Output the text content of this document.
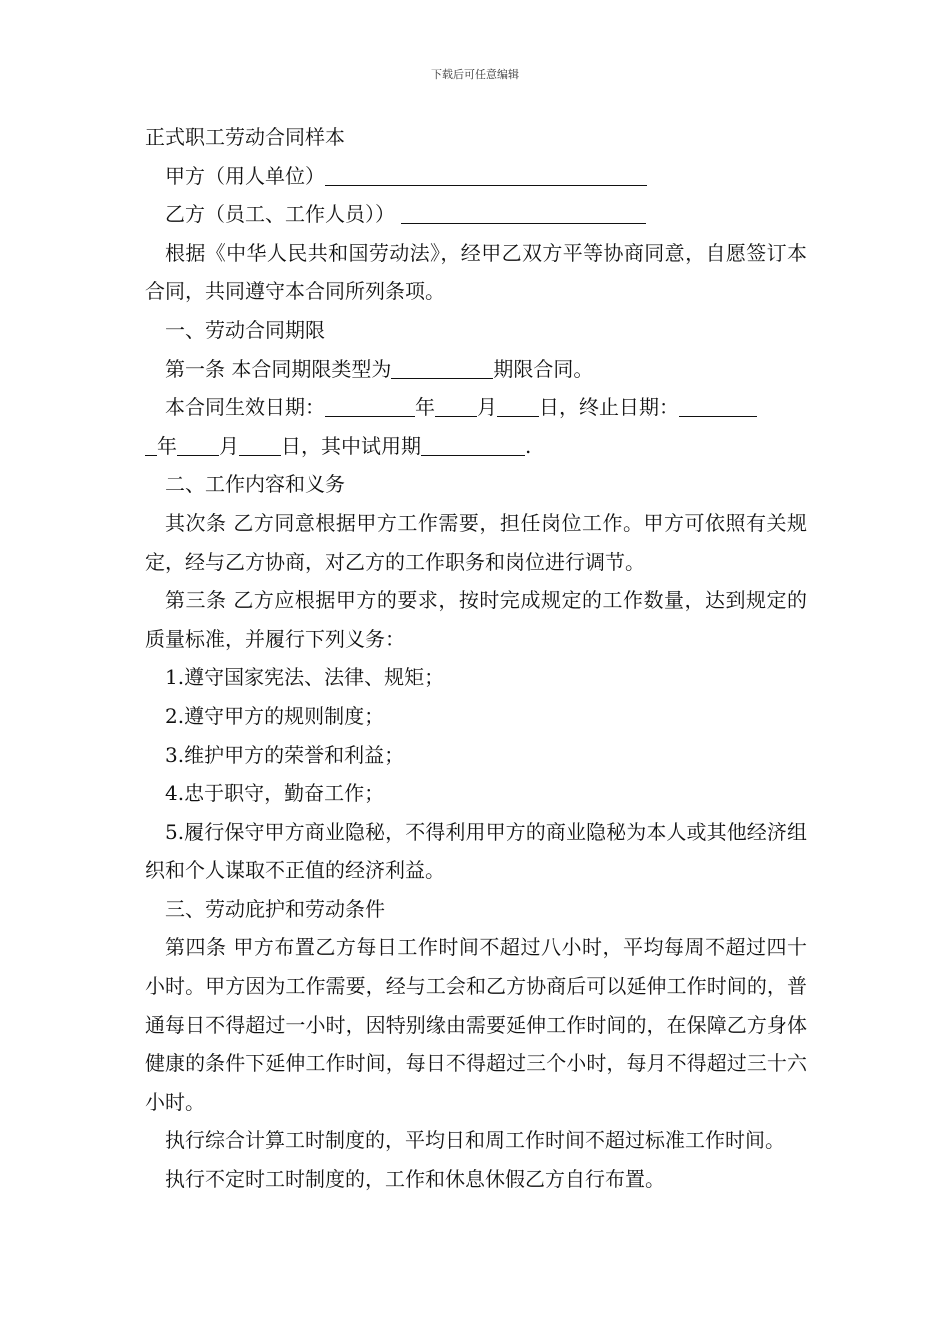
下载后可任意编辑

正式职工劳动合同样本

甲方（用人单位）

乙方（员工、工作人员））

根据《中华人民共和国劳动法》，经甲乙双方平等协商同意，自愿签订本合同，共同遵守本合同所列条项。

一、劳动合同期限

第一条 本合同期限类型为	期限合同。

本合同生效日期：	年 月 日，终止日期：
年 月 日，其中试用期	.

二、工作内容和义务

其次条 乙方同意根据甲方工作需要，担任岗位工作。甲方可依照有关规定，经与乙方协商，对乙方的工作职务和岗位进行调节。

第三条 乙方应根据甲方的要求，按时完成规定的工作数量，达到规定的质量标准，并履行下列义务：

1.遵守国家宪法、法律、规矩；

2.遵守甲方的规则制度；

3.维护甲方的荣誉和利益；

4.忠于职守，勤奋工作；

5.履行保守甲方商业隐秘，不得利用甲方的商业隐秘为本人或其他经济组织和个人谋取不正值的经济利益。

三、劳动庇护和劳动条件

第四条 甲方布置乙方每日工作时间不超过八小时，平均每周不超过四十小时。甲方因为工作需要，经与工会和乙方协商后可以延伸工作时间的，普通每日不得超过一小时，因特别缘由需要延伸工作时间的，在保障乙方身体健康的条件下延伸工作时间，每日不得超过三个小时，每月不得超过三十六小时。

执行综合计算工时制度的，平均日和周工作时间不超过标准工作时间。

执行不定时工时制度的，工作和休息休假乙方自行布置。
